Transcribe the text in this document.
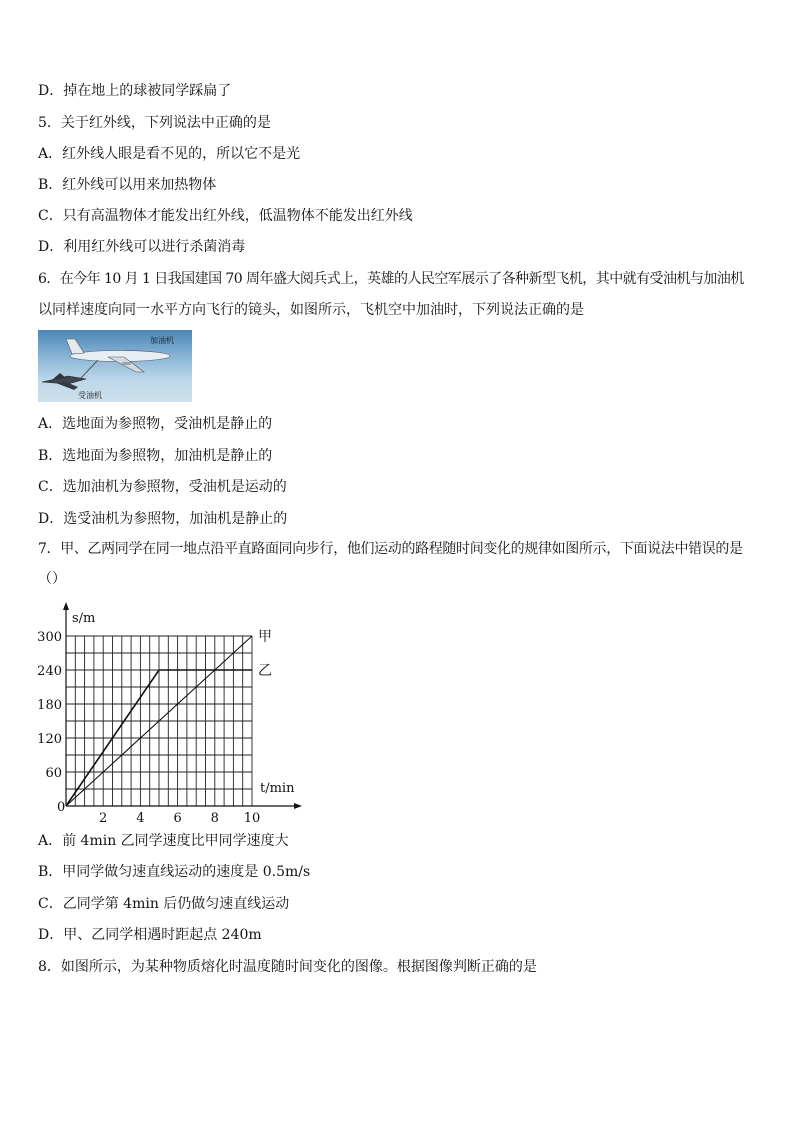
D．掉在地上的球被同学踩扁了
5．关于红外线，下列说法中正确的是
A．红外线人眼是看不见的，所以它不是光
B．红外线可以用来加热物体
C．只有高温物体才能发出红外线，低温物体不能发出红外线
D．利用红外线可以进行杀菌消毒
6．在今年 10 月 1 日我国建国 70 周年盛大阅兵式上，英雄的人民空军展示了各种新型飞机，其中就有受油机与加油机
以同样速度向同一水平方向飞行的镜头，如图所示，飞机空中加油时，下列说法正确的是
加油机
受油机
A．选地面为参照物，受油机是静止的
B．选地面为参照物，加油机是静止的
C．选加油机为参照物，受油机是运动的
D．选受油机为参照物，加油机是静止的
7．甲、乙两同学在同一地点沿平直路面同向步行，他们运动的路程随时间变化的规律如图所示，下面说法中错误的是
（）
2 4 6 8 10
60
120
180
240
300
0
t/min
s/m
甲
乙
A．前 4min 乙同学速度比甲同学速度大
B．甲同学做匀速直线运动的速度是 0.5m/s
C．乙同学第 4min 后仍做匀速直线运动
D．甲、乙同学相遇时距起点 240m
8．如图所示，为某种物质熔化时温度随时间变化的图像。根据图像判断正确的是
